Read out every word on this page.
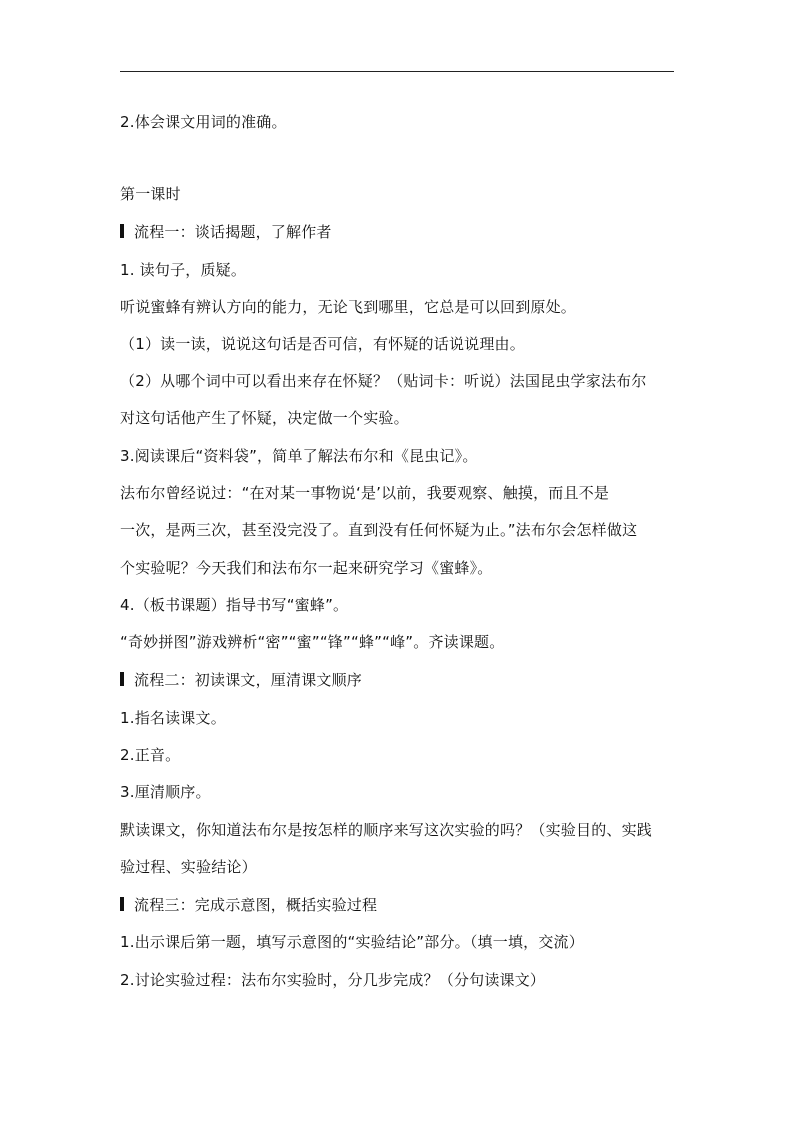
2.体会课文用词的准确。
第一课时
流程一：谈话揭题，了解作者
1. 读句子，质疑。
听说蜜蜂有辨认方向的能力，无论飞到哪里，它总是可以回到原处。
（1）读一读，说说这句话是否可信，有怀疑的话说说理由。
（2）从哪个词中可以看出来存在怀疑？（贴词卡：听说）法国昆虫学家法布尔
对这句话他产生了怀疑，决定做一个实验。
3.阅读课后“资料袋”，简单了解法布尔和《昆虫记》。
法布尔曾经说过：“在对某一事物说‘是’以前，我要观察、触摸，而且不是
一次，是两三次，甚至没完没了。直到没有任何怀疑为止。”法布尔会怎样做这
个实验呢？今天我们和法布尔一起来研究学习《蜜蜂》。
4.（板书课题）指导书写“蜜蜂”。
“奇妙拼图”游戏辨析“密”“蜜”“锋”“蜂”“峰”。齐读课题。
流程二：初读课文，厘清课文顺序
1.指名读课文。
2.正音。
3.厘清顺序。
默读课文，你知道法布尔是按怎样的顺序来写这次实验的吗？（实验目的、实践
验过程、实验结论）
流程三：完成示意图，概括实验过程
1.出示课后第一题，填写示意图的“实验结论”部分。（填一填，交流）
2.讨论实验过程：法布尔实验时，分几步完成？（分句读课文）
